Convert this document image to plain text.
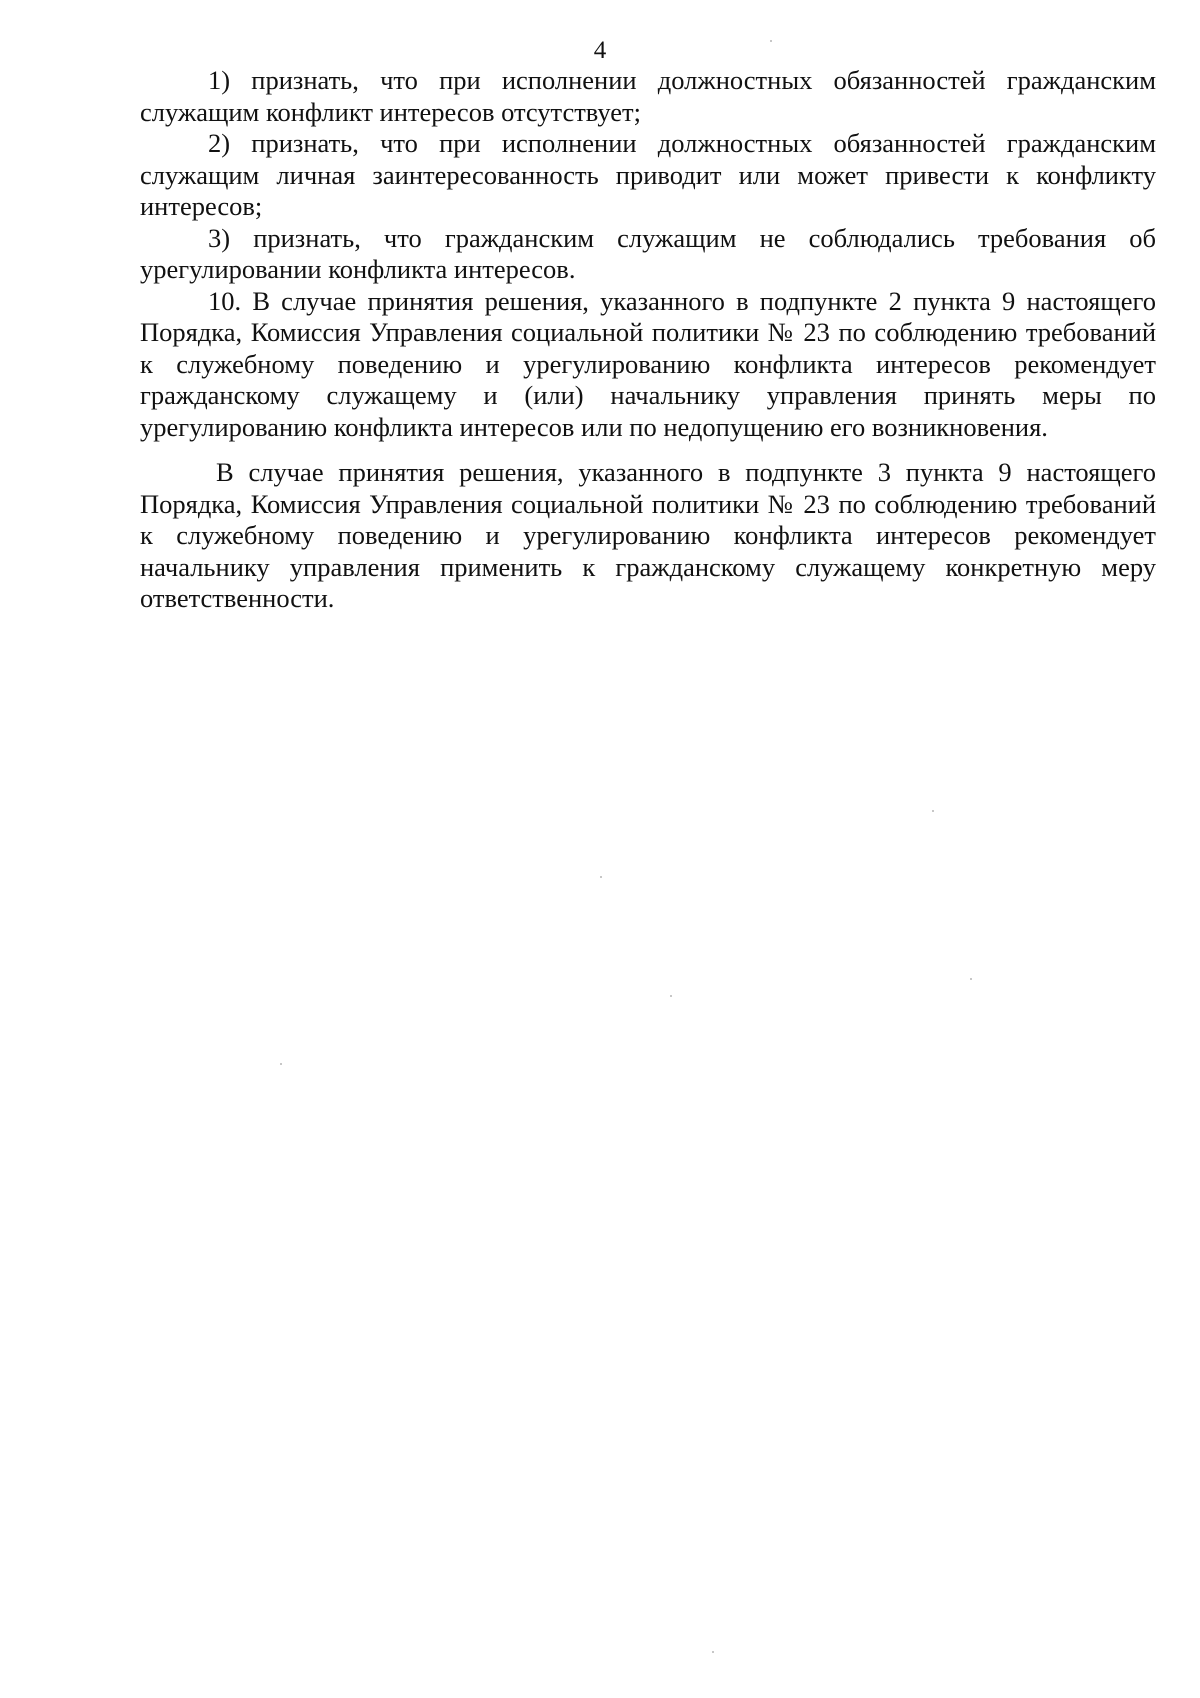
4

1) признать, что при исполнении должностных обязанностей гражданским служащим конфликт интересов отсутствует;

2) признать, что при исполнении должностных обязанностей гражданским служащим личная заинтересованность приводит или может привести к конфликту интересов;

3) признать, что гражданским служащим не соблюдались требования об урегулировании конфликта интересов.

10. В случае принятия решения, указанного в подпункте 2 пункта 9 настоящего Порядка, Комиссия Управления социальной политики № 23 по соблюдению требований к служебному поведению и урегулированию конфликта интересов рекомендует гражданскому служащему и (или) начальнику управления принять меры по урегулированию конфликта интересов или по недопущению его возникновения.

В случае принятия решения, указанного в подпункте 3 пункта 9 настоящего Порядка, Комиссия Управления социальной политики № 23 по соблюдению требований к служебному поведению и урегулированию конфликта интересов рекомендует начальнику управления применить к гражданскому служащему конкретную меру ответственности.
